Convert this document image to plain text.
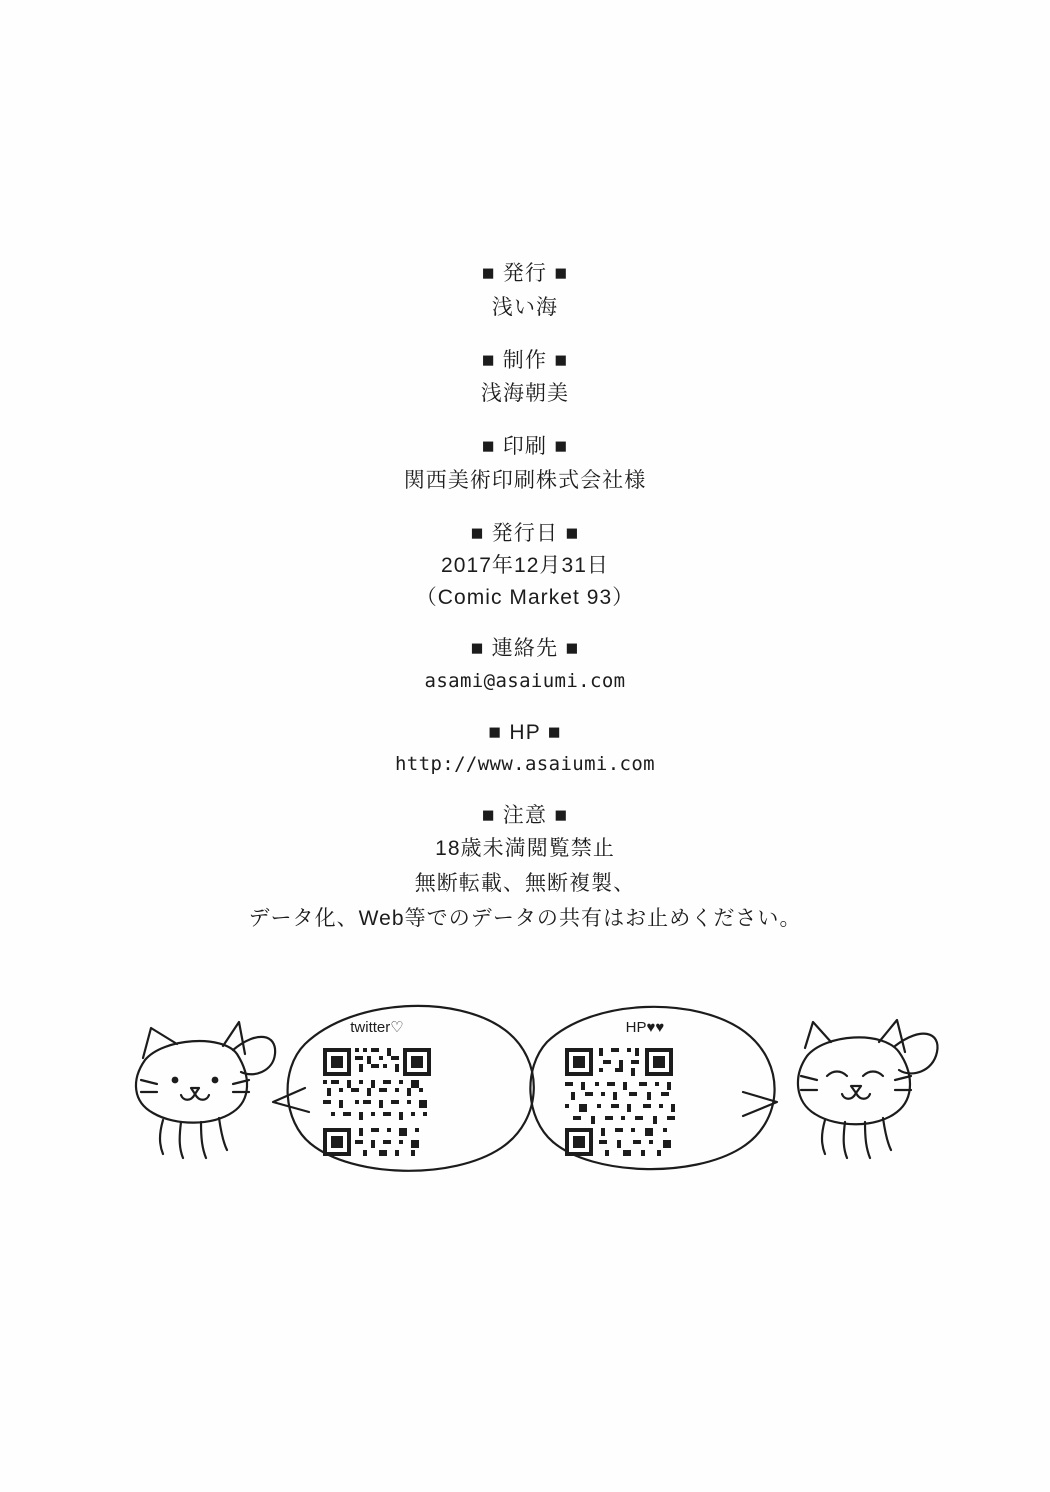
■ 発行 ■
浅い海
■ 制作 ■
浅海朝美
■ 印刷 ■
関西美術印刷株式会社様
■ 発行日 ■
2017年12月31日
（Comic Market 93）
■ 連絡先 ■
asami@asaiumi.com
■ HP ■
http://www.asaiumi.com
■ 注意 ■
18歳未満閲覧禁止
無断転載、無断複製、
データ化、Web等でのデータの共有はお止めください。
twitter♡	HP♥♥
